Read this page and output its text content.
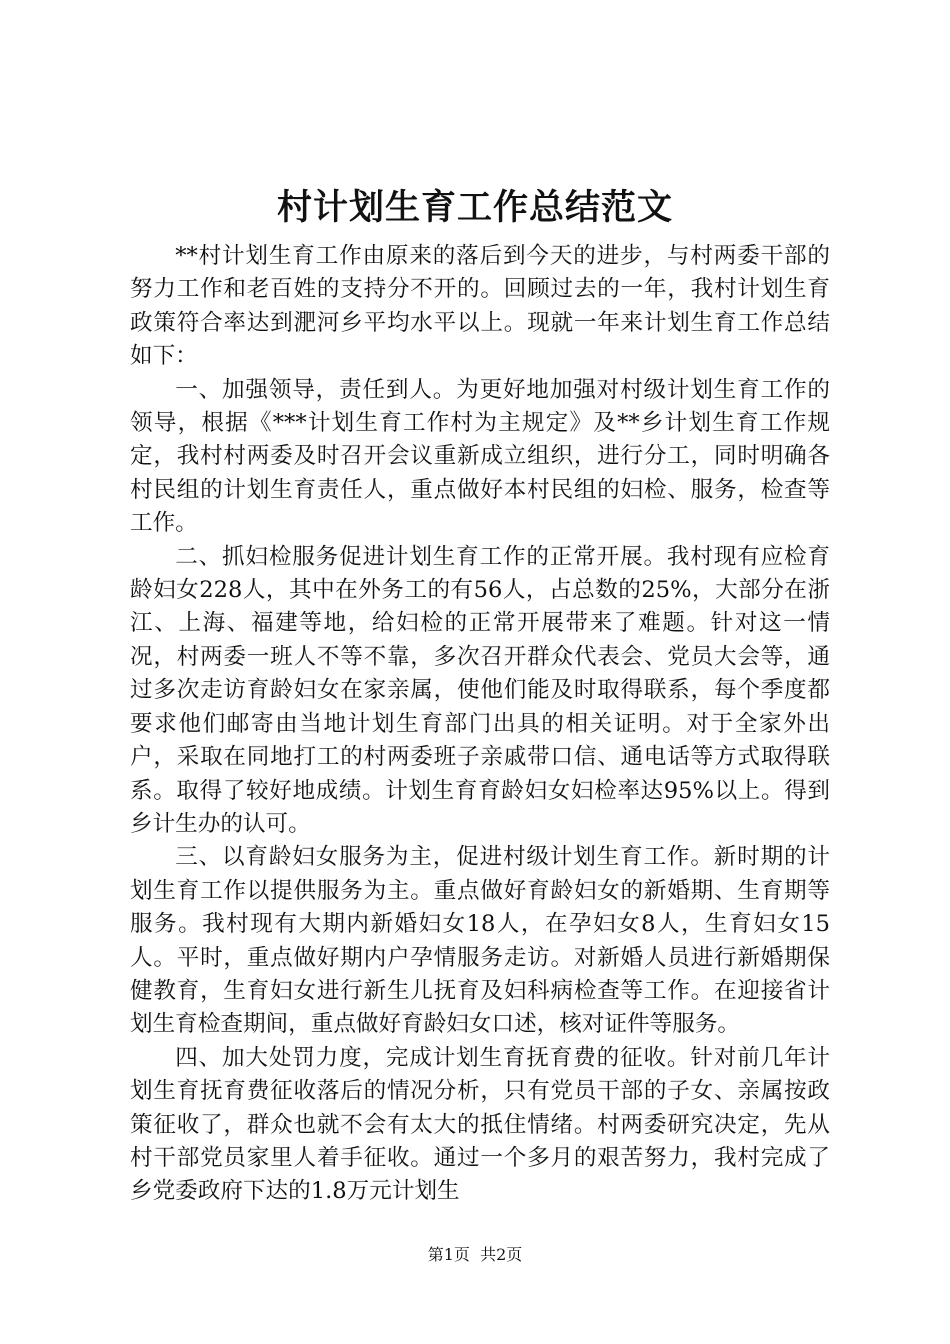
村计划生育工作总结范文

**村计划生育工作由原来的落后到今天的进步，与村两委干部的努力工作和老百姓的支持分不开的。回顾过去的一年，我村计划生育政策符合率达到淝河乡平均水平以上。现就一年来计划生育工作总结如下：

一、加强领导，责任到人。为更好地加强对村级计划生育工作的领导，根据《***计划生育工作村为主规定》及**乡计划生育工作规定，我村村两委及时召开会议重新成立组织，进行分工，同时明确各村民组的计划生育责任人，重点做好本村民组的妇检、服务，检查等工作。

二、抓妇检服务促进计划生育工作的正常开展。我村现有应检育龄妇女228人，其中在外务工的有56人，占总数的25%，大部分在浙江、上海、福建等地，给妇检的正常开展带来了难题。针对这一情况，村两委一班人不等不靠，多次召开群众代表会、党员大会等，通过多次走访育龄妇女在家亲属，使他们能及时取得联系，每个季度都要求他们邮寄由当地计划生育部门出具的相关证明。对于全家外出户，采取在同地打工的村两委班子亲戚带口信、通电话等方式取得联系。取得了较好地成绩。计划生育育龄妇女妇检率达95%以上。得到乡计生办的认可。

三、以育龄妇女服务为主，促进村级计划生育工作。新时期的计划生育工作以提供服务为主。重点做好育龄妇女的新婚期、生育期等服务。我村现有大期内新婚妇女18人，在孕妇女8人，生育妇女15人。平时，重点做好期内户孕情服务走访。对新婚人员进行新婚期保健教育，生育妇女进行新生儿抚育及妇科病检查等工作。在迎接省计划生育检查期间，重点做好育龄妇女口述，核对证件等服务。

四、加大处罚力度，完成计划生育抚育费的征收。针对前几年计划生育抚育费征收落后的情况分析，只有党员干部的子女、亲属按政策征收了，群众也就不会有太大的抵住情绪。村两委研究决定，先从村干部党员家里人着手征收。通过一个多月的艰苦努力，我村完成了乡党委政府下达的1.8万元计划生

第1页 共2页
